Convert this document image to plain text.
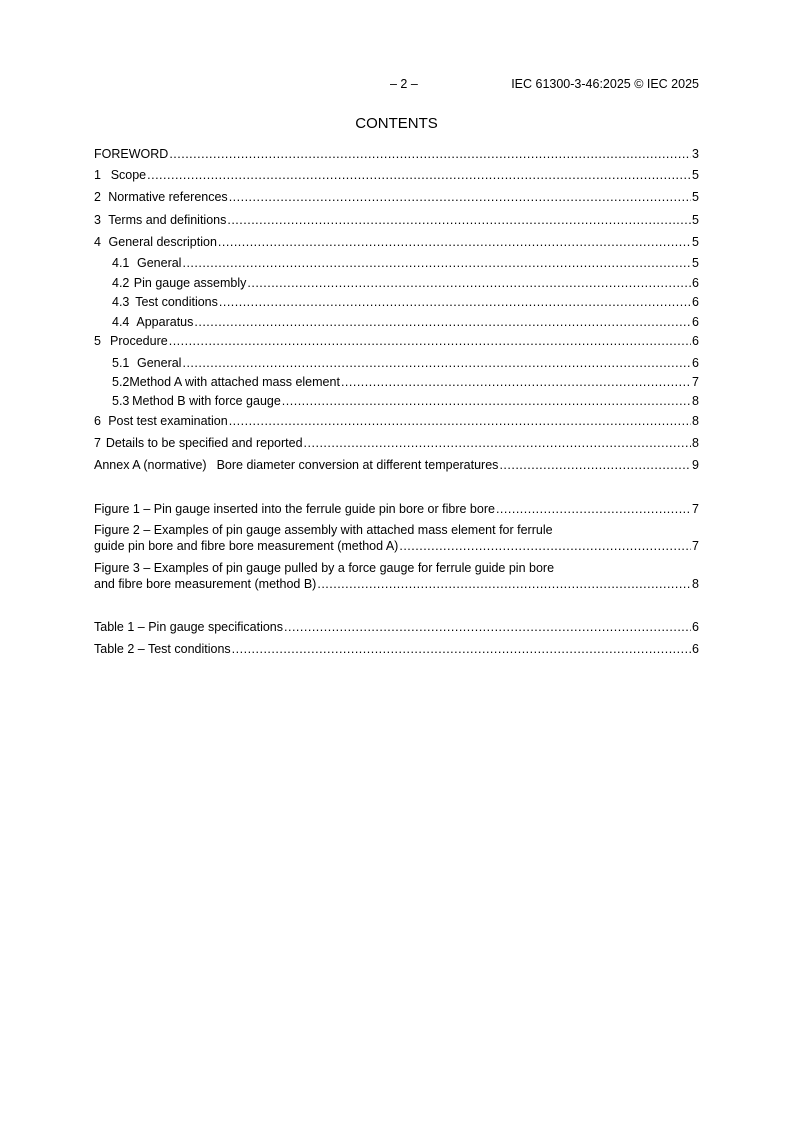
– 2 –	IEC 61300-3-46:2025 © IEC 2025
CONTENTS
FOREWORD .....	3
1 Scope .....	5
2 Normative references .....	5
3 Terms and definitions .....	5
4 General description .....	5
4.1 General .....	5
4.2 Pin gauge assembly .....	6
4.3 Test conditions .....	6
4.4 Apparatus .....	6
5 Procedure .....	6
5.1 General .....	6
5.2 Method A with attached mass element .....	7
5.3 Method B with force gauge .....	8
6 Post test examination .....	8
7 Details to be specified and reported .....	8
Annex A (normative) Bore diameter conversion at different temperatures .....	9
Figure 1 – Pin gauge inserted into the ferrule guide pin bore or fibre bore .....	7
Figure 2 – Examples of pin gauge assembly with attached mass element for ferrule
guide pin bore and fibre bore measurement (method A) .....	7
Figure 3 – Examples of pin gauge pulled by a force gauge for ferrule guide pin bore
and fibre bore measurement (method B) .....	8
Table 1 – Pin gauge specifications .....	6
Table 2 – Test conditions .....	6
